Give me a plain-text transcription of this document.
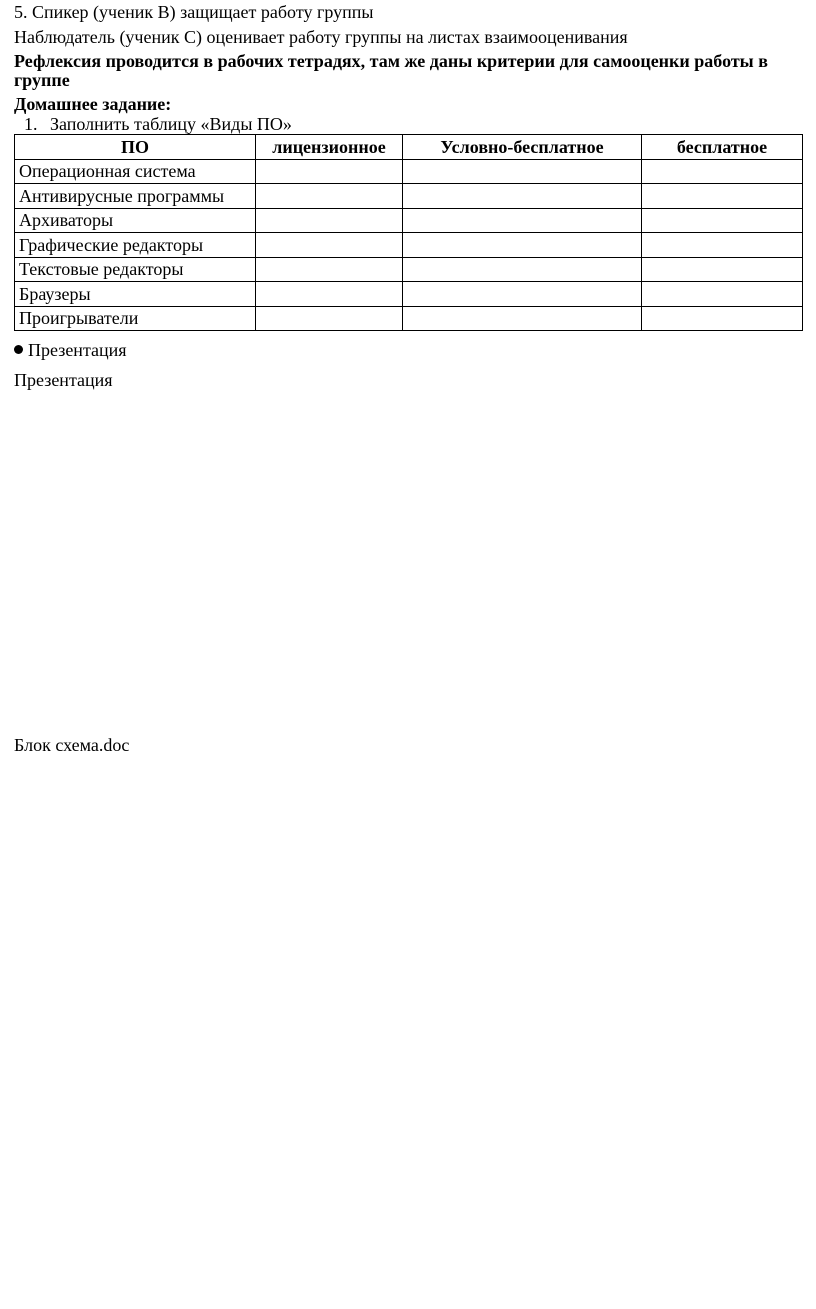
5. Спикер (ученик В) защищает работу группы
Наблюдатель (ученик С) оценивает работу группы на листах взаимооценивания
Рефлексия проводится в рабочих тетрадях, там же даны критерии для самооценки работы в группе
Домашнее задание:
1. Заполнить таблицу «Виды ПО»
ПО	лицензионное	Условно-бесплатное	бесплатное
Операционная система			
Антивирусные программы			
Архиваторы			
Графические редакторы			
Текстовые редакторы			
Браузеры			
Проигрыватели			
Презентация
Презентация
Блок схема.doc
